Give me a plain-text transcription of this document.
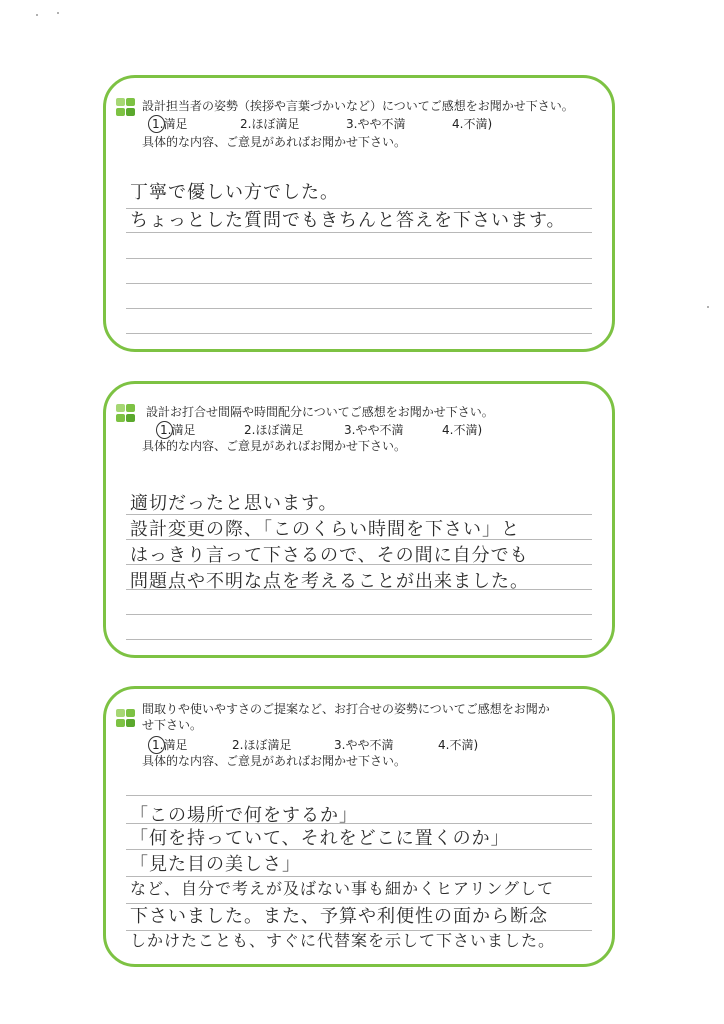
設計担当者の姿勢（挨拶や言葉づかいなど）についてご感想をお聞かせ下さい。
1.満足	2.ほぼ満足	3.やや不満	4.不満)
具体的な内容、ご意見があればお聞かせ下さい。
丁寧で優しい方でした。
ちょっとした質問でもきちんと答えを下さいます。
設計お打合せ間隔や時間配分についてご感想をお聞かせ下さい。
1.満足	2.ほぼ満足	3.やや不満	4.不満)
具体的な内容、ご意見があればお聞かせ下さい。
適切だったと思います。
設計変更の際、「このくらい時間を下さい」と
はっきり言って下さるので、その間に自分でも
問題点や不明な点を考えることが出来ました。
間取りや使いやすさのご提案など、お打合せの姿勢についてご感想をお聞かせ下さい。
1.満足	2.ほぼ満足	3.やや不満	4.不満)
具体的な内容、ご意見があればお聞かせ下さい。
「この場所で何をするか」
「何を持っていて、それをどこに置くのか」
「見た目の美しさ」
など、自分で考えが及ばない事も細かくヒアリングして
下さいました。また、予算や利便性の面から断念
しかけたことも、すぐに代替案を示して下さいました。
